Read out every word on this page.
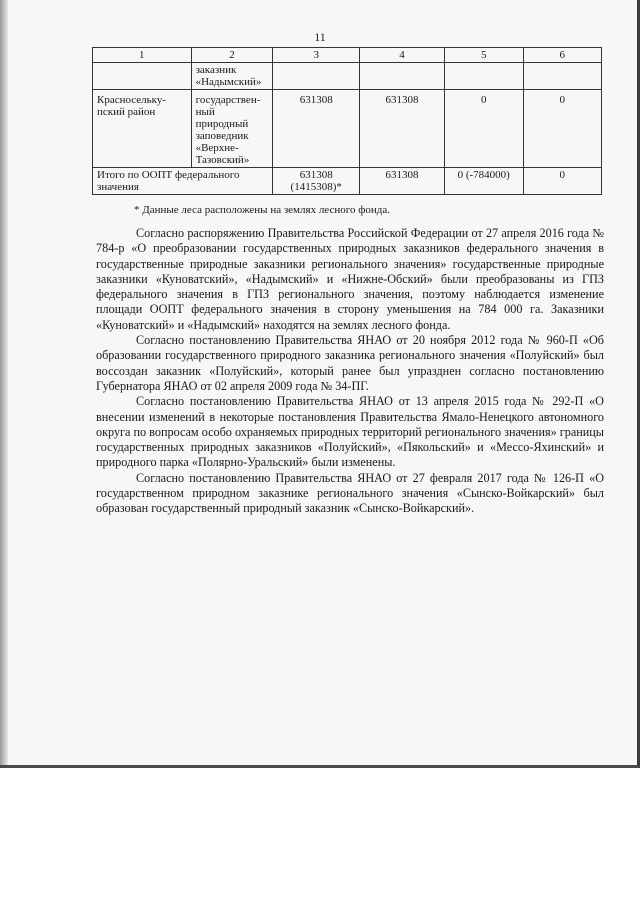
11
1	2	3	4	5	6
	заказник «Надымский»				
Красносельку-пский район	государствен-ный природный заповедник «Верхне-Тазовский»	631308	631308	0	0
Итого по ООПТ федерального значения		631308 (1415308)*	631308	0 (-784000)	0
* Данные леса расположены на землях лесного фонда.

Согласно распоряжению Правительства Российской Федерации от 27 апреля 2016 года № 784-р «О преобразовании государственных природных заказников федерального значения в государственные природные заказники регионального значения» государственные природные заказники «Куноватский», «Надымский» и «Нижне-Обский» были преобразованы из ГПЗ федерального значения в ГПЗ регионального значения, поэтому наблюдается изменение площади ООПТ федерального значения в сторону уменьшения на 784 000 га. Заказники «Куноватский» и «Надымский» находятся на землях лесного фонда.

Согласно постановлению Правительства ЯНАО от 20 ноября 2012 года № 960-П «Об образовании государственного природного заказника регионального значения «Полуйский» был воссоздан заказник «Полуйский», который ранее был упразднен согласно постановлению Губернатора ЯНАО от 02 апреля 2009 года № 34-ПГ.

Согласно постановлению Правительства ЯНАО от 13 апреля 2015 года № 292-П «О внесении изменений в некоторые постановления Правительства Ямало-Ненецкого автономного округа по вопросам особо охраняемых природных территорий регионального значения» границы государственных природных заказников «Полуйский», «Пякольский» и «Мессо-Яхинский» и природного парка «Полярно-Уральский» были изменены.

Согласно постановлению Правительства ЯНАО от 27 февраля 2017 года № 126-П «О государственном природном заказнике регионального значения «Сынско-Войкарский» был образован государственный природный заказник «Сынско-Войкарский».
